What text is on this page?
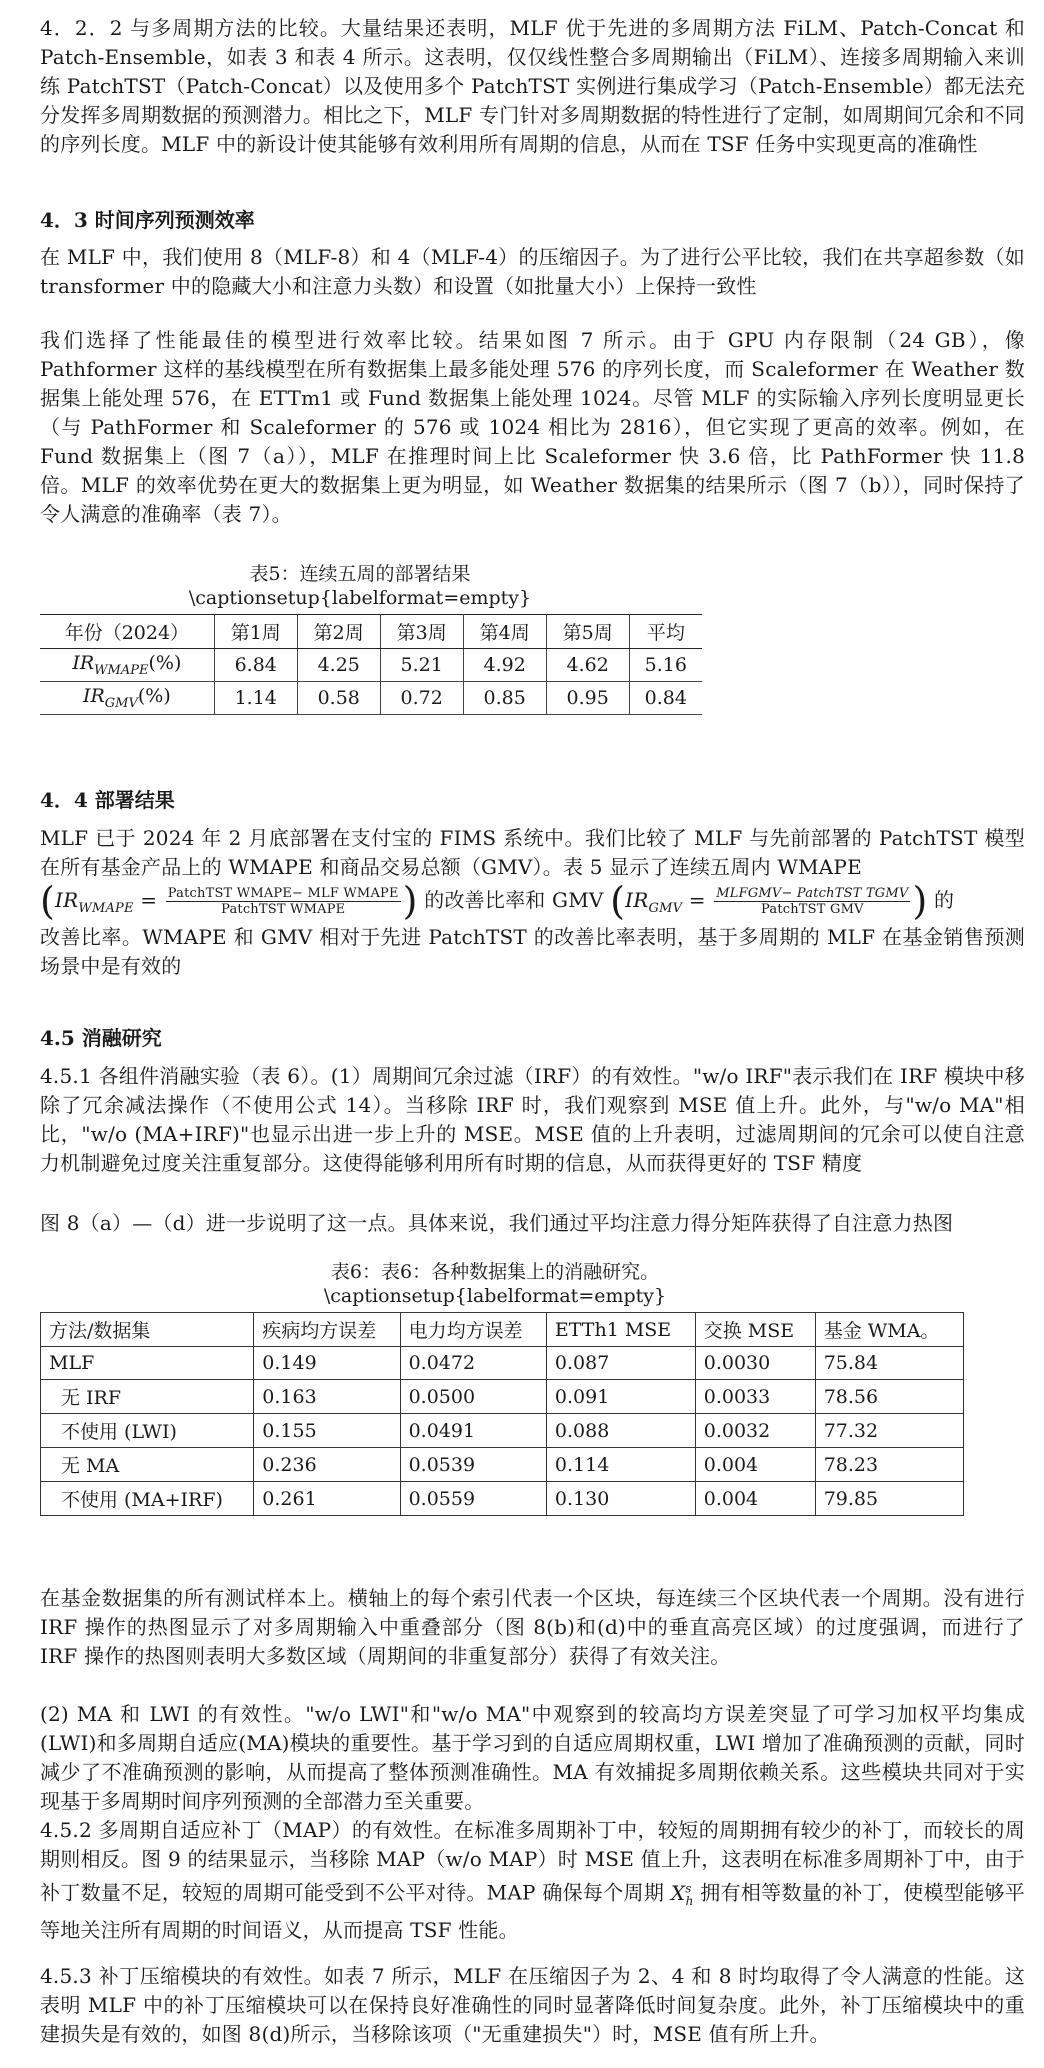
4．2．2 与多周期方法的比较。大量结果还表明，MLF 优于先进的多周期方法 FiLM、Patch-Concat 和 Patch-Ensemble，如表 3 和表 4 所示。这表明，仅仅线性整合多周期输出（FiLM）、连接多周期输入来训练 PatchTST（Patch-Concat）以及使用多个 PatchTST 实例进行集成学习（Patch-Ensemble）都无法充分发挥多周期数据的预测潜力。相比之下，MLF 专门针对多周期数据的特性进行了定制，如周期间冗余和不同的序列长度。MLF 中的新设计使其能够有效利用所有周期的信息，从而在 TSF 任务中实现更高的准确性

4．3 时间序列预测效率

在 MLF 中，我们使用 8（MLF-8）和 4（MLF-4）的压缩因子。为了进行公平比较，我们在共享超参数（如 transformer 中的隐藏大小和注意力头数）和设置（如批量大小）上保持一致性

我们选择了性能最佳的模型进行效率比较。结果如图 7 所示。由于 GPU 内存限制（24 GB），像 Pathformer 这样的基线模型在所有数据集上最多能处理 576 的序列长度，而 Scaleformer 在 Weather 数据集上能处理 576，在 ETTm1 或 Fund 数据集上能处理 1024。尽管 MLF 的实际输入序列长度明显更长（与 PathFormer 和 Scaleformer 的 576 或 1024 相比为 2816），但它实现了更高的效率。例如，在 Fund 数据集上（图 7（a）），MLF 在推理时间上比 Scaleformer 快 3.6 倍，比 PathFormer 快 11.8 倍。MLF 的效率优势在更大的数据集上更为明显，如 Weather 数据集的结果所示（图 7（b）），同时保持了令人满意的准确率（表 7）。

表5：连续五周的部署结果
\captionsetup{labelformat=empty}
年份（2024）	第1周	第2周	第3周	第4周	第5周	平均
$IR_{WMAPE}(\%)$	6.84	4.25	5.21	4.92	4.62	5.16
$IR_{GMV}(\%)$	1.14	0.58	0.72	0.85	0.95	0.84

4．4 部署结果

MLF 已于 2024 年 2 月底部署在支付宝的 FIMS 系统中。我们比较了 MLF 与先前部署的 PatchTST 模型在所有基金产品上的 WMAPE 和商品交易总额（GMV）。表 5 显示了连续五周内 WMAPE
($IR_{WMAPE} = \frac{\text{PatchTST WMAPE− MLF WMAPE}}{\text{PatchTST WMAPE}}$ ) 的改善比率和 GMV ($IR_{GMV} = \frac{\text{MLFGMV− PatchTST TGMV}}{\text{PatchTST GMV}}$ ) 的
改善比率。WMAPE 和 GMV 相对于先进 PatchTST 的改善比率表明，基于多周期的 MLF 在基金销售预测场景中是有效的

4.5 消融研究

4.5.1 各组件消融实验（表 6）。(1）周期间冗余过滤（IRF）的有效性。"w/o IRF"表示我们在 IRF 模块中移除了冗余减法操作（不使用公式 14）。当移除 IRF 时，我们观察到 MSE 值上升。此外，与"w/o MA"相比，"w/o (MA+IRF)"也显示出进一步上升的 MSE。MSE 值的上升表明，过滤周期间的冗余可以使自注意力机制避免过度关注重复部分。这使得能够利用所有时期的信息，从而获得更好的 TSF 精度

图 8（a）—（d）进一步说明了这一点。具体来说，我们通过平均注意力得分矩阵获得了自注意力热图

表6：表6：各种数据集上的消融研究。
\captionsetup{labelformat=empty}
方法/数据集	疾病均方误差	电力均方误差	ETTh1 MSE	交换 MSE	基金 WMA。
MLF	0.149	0.0472	0.087	0.0030	75.84
无 IRF	0.163	0.0500	0.091	0.0033	78.56
不使用 (LWI)	0.155	0.0491	0.088	0.0032	77.32
无 MA	0.236	0.0539	0.114	0.004	78.23
不使用 (MA+IRF)	0.261	0.0559	0.130	0.004	79.85

在基金数据集的所有测试样本上。横轴上的每个索引代表一个区块，每连续三个区块代表一个周期。没有进行 IRF 操作的热图显示了对多周期输入中重叠部分（图 8(b)和(d)中的垂直高亮区域）的过度强调，而进行了 IRF 操作的热图则表明大多数区域（周期间的非重复部分）获得了有效关注。

(2) MA 和 LWI 的有效性。"w/o LWI"和"w/o MA"中观察到的较高均方误差突显了可学习加权平均集成(LWI)和多周期自适应(MA)模块的重要性。基于学习到的自适应周期权重，LWI 增加了准确预测的贡献，同时减少了不准确预测的影响，从而提高了整体预测准确性。MA 有效捕捉多周期依赖关系。这些模块共同对于实现基于多周期时间序列预测的全部潜力至关重要。

4.5.2 多周期自适应补丁（MAP）的有效性。在标准多周期补丁中，较短的周期拥有较少的补丁，而较长的周期则相反。图 9 的结果显示，当移除 MAP（w/o MAP）时 MSE 值上升，这表明在标准多周期补丁中，由于补丁数量不足，较短的周期可能受到不公平对待。MAP 确保每个周期 $X^s_h$ 拥有相等数量的补丁，使模型能够平等地关注所有周期的时间语义，从而提高 TSF 性能。

4.5.3 补丁压缩模块的有效性。如表 7 所示，MLF 在压缩因子为 2、4 和 8 时均取得了令人满意的性能。这表明 MLF 中的补丁压缩模块可以在保持良好准确性的同时显著降低时间复杂度。此外，补丁压缩模块中的重建损失是有效的，如图 8(d)所示，当移除该项（"无重建损失"）时，MSE 值有所上升。
